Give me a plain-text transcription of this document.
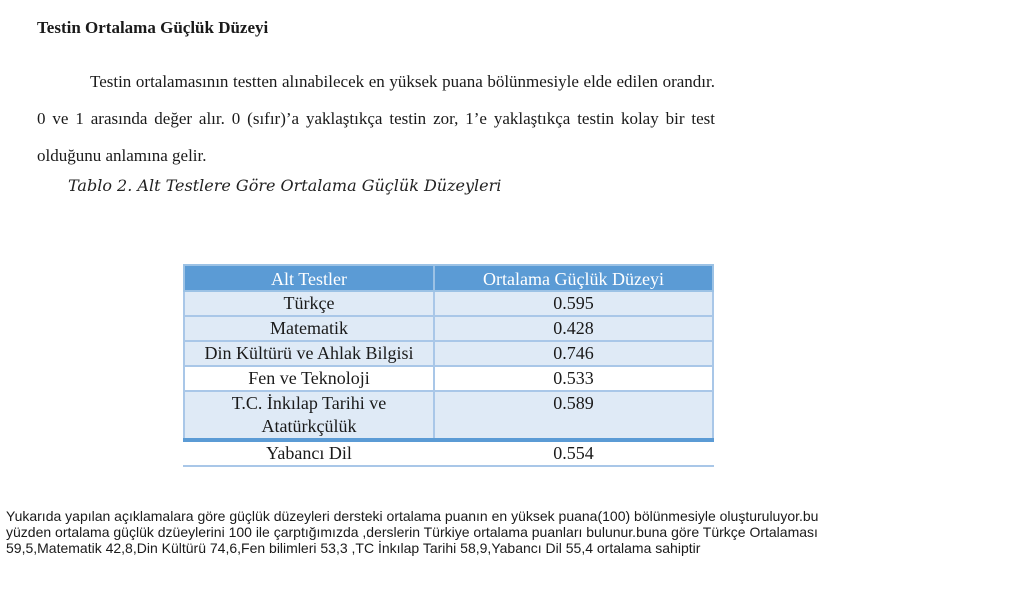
Testin Ortalama Güçlük Düzeyi

Testin ortalamasının testten alınabilecek en yüksek puana bölünmesiyle elde edilen orandır. 0 ve 1 arasında değer alır. 0 (sıfır)’a yaklaştıkça testin zor, 1’e yaklaştıkça testin kolay bir test olduğunu anlamına gelir.

Tablo 2. Alt Testlere Göre Ortalama Güçlük Düzeyleri
Alt Testler	Ortalama Güçlük Düzeyi
Türkçe	0.595
Matematik	0.428
Din Kültürü ve Ahlak Bilgisi	0.746
Fen ve Teknoloji	0.533
T.C. İnkılap Tarihi ve Atatürkçülük	0.589
Yabancı Dil	0.554

Yukarıda yapılan açıklamalara göre güçlük düzeyleri dersteki ortalama puanın en yüksek puana(100) bölünmesiyle oluşturuluyor.bu yüzden ortalama güçlük dzüeylerini 100 ile çarptığımızda ,derslerin Türkiye ortalama puanları bulunur.buna göre Türkçe Ortalaması 59,5,Matematik 42,8,Din Kültürü 74,6,Fen bilimleri 53,3 ,TC İnkılap Tarihi 58,9,Yabancı Dil 55,4 ortalama sahiptir
